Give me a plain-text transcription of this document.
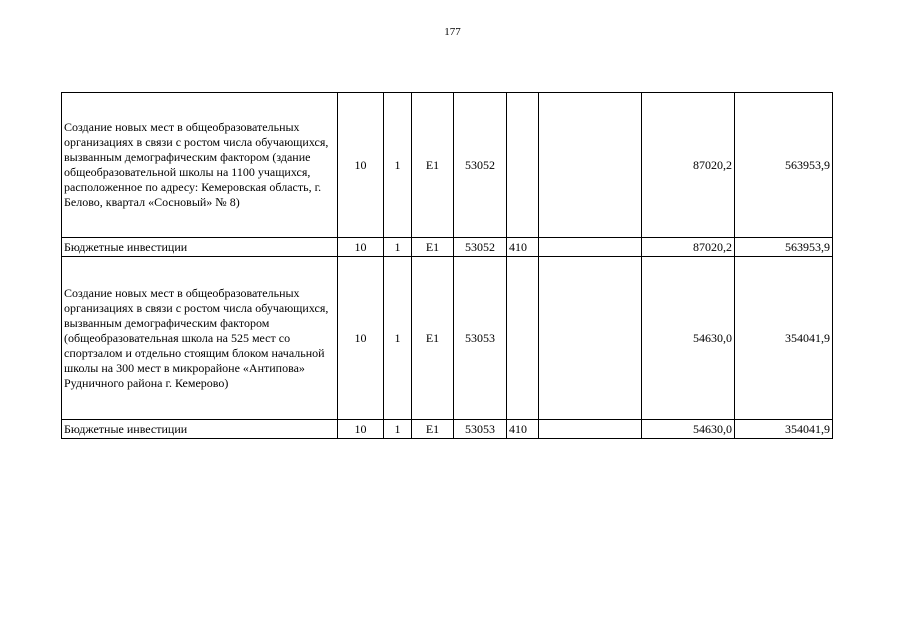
177
Создание новых мест в общеобразовательных организациях в связи с ростом числа обучающихся, вызванным демографическим фактором (здание общеобразовательной школы на 1100 учащихся, расположенное по адресу: Кемеровская область, г. Белово, квартал «Сосновый» № 8)	10	1	E1	53052			87020,2	563953,9
Бюджетные инвестиции	10	1	E1	53052	410		87020,2	563953,9
Создание новых мест в общеобразовательных организациях в связи с ростом числа обучающихся, вызванным демографическим фактором (общеобразовательная школа на 525 мест со спортзалом и отдельно стоящим блоком начальной школы на 300 мест в микрорайоне «Антипова» Рудничного района г. Кемерово)	10	1	E1	53053			54630,0	354041,9
Бюджетные инвестиции	10	1	E1	53053	410		54630,0	354041,9
